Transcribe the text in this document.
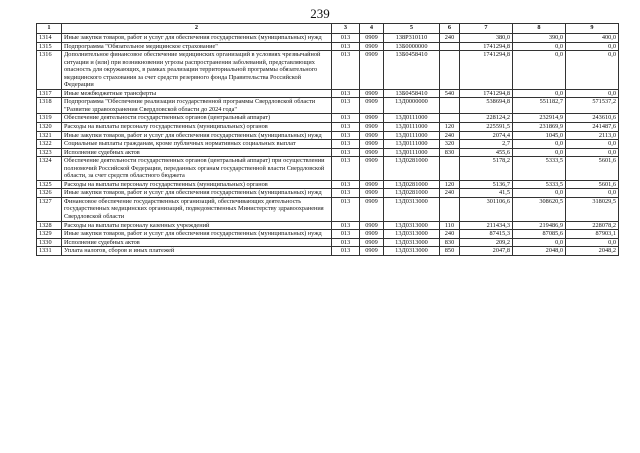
239
1	2	3	4	5	6	7	8	9
1314	Иные закупки товаров, работ и услуг для обеспечения государственных (муниципальных) нужд	013	0909	138Р310110	240	380,0	390,0	400,0
1315	Подпрограмма "Обязательное медицинское страхование"	013	0909	13Б0000000		1741294,8	0,0	0,0
1316	Дополнительное финансовое обеспечение медицинских организаций в условиях чрезвычайной ситуации и (или) при возникновении угрозы распространения заболеваний, представляющих опасность для окружающих, в рамках реализации территориальной программы обязательного медицинского страхования за счет средств резервного фонда Правительства Российской Федерации	013	0909	13Б0458410		1741294,8	0,0	0,0
1317	Иные межбюджетные трансферты	013	0909	13Б0458410	540	1741294,8	0,0	0,0
1318	Подпрограмма "Обеспечение реализации государственной программы Свердловской области "Развитие здравоохранения Свердловской области до 2024 года"	013	0909	13Д0000000		538694,8	551182,7	571537,2
1319	Обеспечение деятельности государственных органов (центральный аппарат)	013	0909	13Д0111000		228124,2	232914,9	243610,6
1320	Расходы на выплаты персоналу государственных (муниципальных) органов	013	0909	13Д0111000	120	225591,5	231869,9	241487,6
1321	Иные закупки товаров, работ и услуг для обеспечения государственных (муниципальных) нужд	013	0909	13Д0111000	240	2074,4	1045,0	2113,0
1322	Социальные выплаты гражданам, кроме публичных нормативных социальных выплат	013	0909	13Д0111000	320	2,7	0,0	0,0
1323	Исполнение судебных актов	013	0909	13Д0111000	830	455,6	0,0	0,0
1324	Обеспечение деятельности государственных органов (центральный аппарат) при осуществлении полномочий Российской Федерации, переданных органам государственной власти Свердловской области, за счет средств областного бюджета	013	0909	13Д0281000		5178,2	5333,5	5601,6
1325	Расходы на выплаты персоналу государственных (муниципальных) органов	013	0909	13Д0281000	120	5136,7	5333,5	5601,6
1326	Иные закупки товаров, работ и услуг для обеспечения государственных (муниципальных) нужд	013	0909	13Д0281000	240	41,5	0,0	0,0
1327	Финансовое обеспечение государственных организаций, обеспечивающих деятельность государственных медицинских организаций, подведомственных Министерству здравоохранения Свердловской области	013	0909	13Д0313000		301106,6	308620,5	318029,5
1328	Расходы на выплаты персоналу казенных учреждений	013	0909	13Д0313000	110	211434,3	219486,9	228078,2
1329	Иные закупки товаров, работ и услуг для обеспечения государственных (муниципальных) нужд	013	0909	13Д0313000	240	87415,3	87085,6	87903,1
1330	Исполнение судебных актов	013	0909	13Д0313000	830	209,2	0,0	0,0
1331	Уплата налогов, сборов и иных платежей	013	0909	13Д0313000	850	2047,8	2048,0	2048,2
